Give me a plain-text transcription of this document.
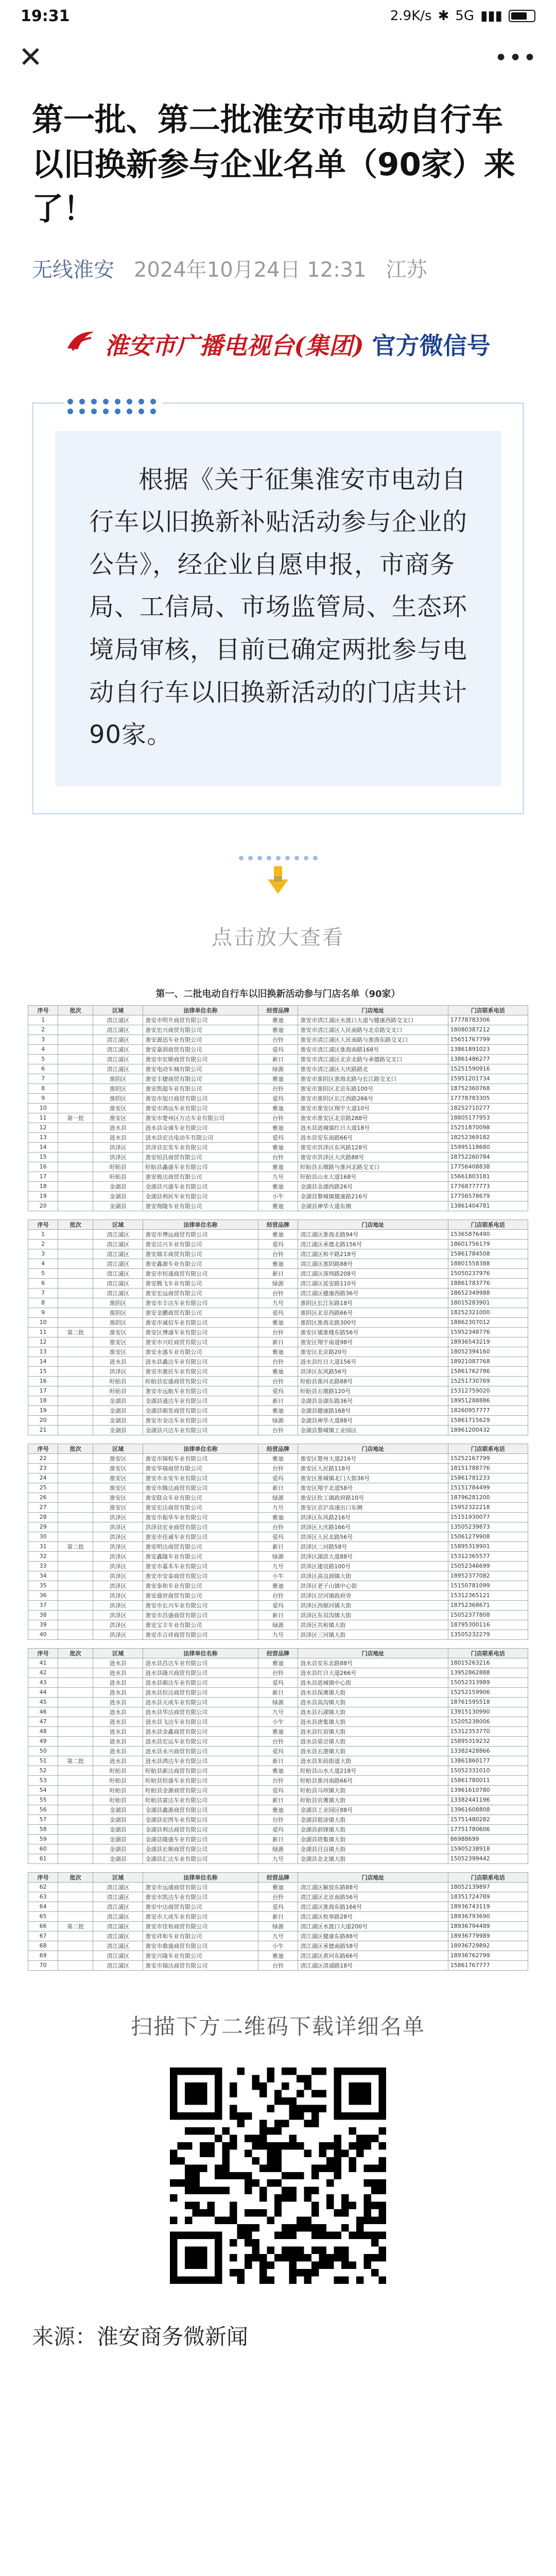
19:31	2.9K/s ✱ 5G ▮▮▮
✕	•••
第一批、第二批淮安市电动自行车以旧换新参与企业名单（90家）来了！
无线淮安 2024年10月24日 12:31 江苏
淮安市广播电视台(集团) 官方微信号

根据《关于征集淮安市电动自行车以旧换新补贴活动参与企业的公告》，经企业自愿申报，市商务局、工信局、市场监管局、生态环境局审核，目前已确定两批参与电动自行车以旧换新活动的门店共计90家。

点击放大查看
第一、二批电动自行车以旧换新活动参与门店名单（90家）
序号	批次	区域	法律单位名称	经营品牌	门店地址	门店联系电话
1		清江浦区	淮安市明升商贸有限公司	雅迪	淮安市清江浦区水渡口大道与健康西路交叉口	17778783306
2		清江浦区	淮安宏兴商贸有限公司	雅迪	淮安市清江浦区人民南路与北京路交叉口	18080387212
3		清江浦区	淮安源迅车业有限公司	台铃	淮安市清江浦区人民南路与淮海东路交叉口	15651767799
4		清江浦区	淮安嘉润商贸有限公司	爱玛	淮安市清江浦区淮海南路168号	13861891023
5		清江浦区	淮安市宏顺商贸有限公司	新日	淮安市清江浦区北京北路与承德路交叉口	13861486277
6		清江浦区	淮安电动车城有限公司	绿源	淮安市清江浦区大庆路路北	15251590916
7		淮阴区	淮安丰捷商贸有限公司	雅迪	淮安市淮阴区淮海北路与长江路交叉口	15951201734
8		淮阴区	淮安凯超车业有限公司	台铃	淮安市淮阴区北京东路100号	18752360768
9		淮阴区	淮安市旭日商贸有限公司	爱玛	淮安市淮阴区长江西路266号	17778783305
10		淮安区	淮安市鸿远车业有限公司	雅迪	淮安市淮安区翔宇大道10号	18252710277
11	第一批	淮安区	淮安市楚州区万达车业有限公司	台铃	淮安市淮安区北京路288号	18805177953
12		涟水县	涟水县众诚车业有限公司	雅迪	涟水县涟城镇红日大道18号	15251870098
13		涟水县	涟水县宏达电动车有限公司	爱玛	涟水县安东南路66号	18252369182
14		洪泽区	洪泽县宏发车业有限公司	雅迪	淮安市洪泽区东风路128号	15995118680
15		洪泽区	淮安恒昌商贸有限公司	台铃	淮安市洪泽区大庆路88号	18752260784
16		盱眙县	盱眙县鑫盛车业有限公司	雅迪	盱眙县五墩路与淮河北路交叉口	17756408838
17		盱眙县	淮安骏达商贸有限公司	九号	盱眙县山水大道168号	15661803181
18		金湖县	金湖县兴盛车业有限公司	雅迪	金湖县金湖西路26号	17768777773
19		金湖县	金湖县利民车业有限公司	小牛	金湖县黎城镇健康路216号	17756578679
20		金湖县	淮安翔隆车业有限公司	雅迪	金湖县神华大道东侧	13861404781
序号	批次	区域	法律单位名称	经营品牌	门店地址	门店联系电话
1		清江浦区	淮安市博远商贸有限公司	雅迪	清江浦区淮海北路94号	15365876490
2		清江浦区	淮安达兴车业有限公司	爱玛	清江浦区承德北路156号	18601756179
3		清江浦区	淮安瑞丰商贸有限公司	台铃	清江浦区和平路218号	15861784508
4		清江浦区	淮安鑫源车业有限公司	雅迪	清江浦区淮阴路88号	18801558388
5		清江浦区	淮安市恒通商贸有限公司	新日	清江浦区深圳路208号	15050237976
6		清江浦区	淮安腾飞车业有限公司	绿源	清江浦区延安路110号	18861783776
7		清江浦区	淮安宏远商贸有限公司	台铃	清江浦区健康西路36号	18652349988
8		淮阴区	淮安市丰达车业有限公司	九号	淮阴区长江东路18号	18015283901
9		淮阴区	淮安金鹏商贸有限公司	爱玛	淮阴区北京西路66号	18252321000
10		淮阴区	淮安市诚信车业有限公司	雅迪	淮阴区淮海北路300号	18862307012
11	第二批	淮安区	淮安区博通车业有限公司	台铃	淮安区镇淮楼东路56号	15952348776
12		淮安区	淮安市兴旺商贸有限公司	新日	淮安区翔宇南道98号	18936543219
13		淮安区	淮安永盛车业有限公司	雅迪	淮安区北京路20号	18052394160
14		涟水县	涟水县鑫达车业有限公司	台铃	涟水县红日大道156号	18921087768
15		洪泽区	淮安市惠民车业有限公司	雅迪	洪泽区东风路56号	15861762786
16		盱眙县	盱眙县宏盛商贸有限公司	台铃	盱眙县淮河北路88号	15251730769
17		盱眙县	淮安市远航车业有限公司	爱玛	盱眙县五墩路120号	15312759020
18		金湖县	金湖县通达车业有限公司	新日	金湖县金湖东路36号	18951288886
19		金湖县	金湖县顺发商贸有限公司	雅迪	金湖县健康路168号	18260957777
20		金湖县	淮安市金达车业有限公司	绿源	金湖县神华大道88号	15861715629
21		金湖县	金湖县兴达车业有限公司	台铃	金湖县黎城镇工业园区	18961200432
序号	批次	区域	法律单位名称	经营品牌	门店地址	门店联系电话
22		淮安区	淮安市锦程车业有限公司	雅迪	淮安区楚州大道216号	15252167799
23		淮安区	淮安华瑞商贸有限公司	台铃	淮安区人民路118号	18151788776
24		淮安区	淮安市永安车业有限公司	爱玛	淮安区淮城镇北门大街36号	15861781233
25		淮安区	淮安市腾达商贸有限公司	新日	淮安区翔宇北道58号	15151784499
26		淮安区	淮安联众车业有限公司	绿源	淮安区钦工镇政府路10号	18796281200
27		淮安区	淮安宏达商贸有限公司	九号	淮安区京沪高速出口东侧	15952322218
28		洪泽区	淮安市振华车业有限公司	雅迪	洪泽区东风路216号	15151930077
29		洪泽区	洪泽县宏业商贸有限公司	台铃	洪泽区大庆路166号	13505239873
30		洪泽区	淮安市佳诚车业有限公司	爱玛	洪泽区人民北路56号	15061279908
31	第二批	洪泽区	淮安明达商贸有限公司	新日	洪泽区二河路58号	15895319901
32		洪泽区	淮安鑫隆车业有限公司	绿源	洪泽区湖滨大道88号	15312365577
33		洪泽区	淮安市嘉禾车业有限公司	九号	洪泽区建设路100号	15052346699
34		洪泽区	淮安市安泰商贸有限公司	小牛	洪泽区高良涧镇大街	18952377082
35		洪泽区	淮安泰和车业有限公司	雅迪	洪泽区老子山镇中心街	15150781099
36		洪泽区	淮安盛世商贸有限公司	台铃	洪泽区岔河镇政府旁	15312365121
37		洪泽区	淮安市长兴车业有限公司	爱玛	洪泽区西顺河镇大街	18752368671
38		洪泽区	淮安市昌盛商贸有限公司	新日	洪泽区东双沟镇大街	15052377808
39		洪泽区	淮安宝丰车业有限公司	绿源	洪泽区共和镇大街	18795300116
40		洪泽区	淮安市吉祥商贸有限公司	九号	洪泽区三河镇大街	13505232279
序号	批次	区域	法律单位名称	经营品牌	门店地址	门店联系电话
41		涟水县	涟水县昌达车业有限公司	雅迪	涟水县安东北路88号	18015263216
42		涟水县	涟水县隆兴商贸有限公司	台铃	涟水县红日大道266号	13952862888
43		涟水县	涟水县顺达车业有限公司	爱玛	涟水县涟城镇中心街	15052313989
44		涟水县	涟水县恒达商贸有限公司	新日	涟水县保滩镇大街	15252159906
45		涟水县	涟水县天成车业有限公司	绿源	涟水县高沟镇大街	18761595518
46		涟水县	涟水县华达商贸有限公司	九号	涟水县石湖镇大街	13915130990
47		涟水县	涟水县飞达车业有限公司	小牛	涟水县唐集镇大街	15205238006
48		涟水县	涟水县金鑫商贸有限公司	雅迪	涟水县红窑镇大街	15312353770
49		涟水县	涟水县宏运车业有限公司	台铃	涟水县梁岔镇大街	15895319232
50		涟水县	涟水县永兴商贸有限公司	爱玛	涟水县五港镇大街	13382428866
51	第二批	涟水县	涟水县鸿达车业有限公司	新日	涟水县朱码街道大街	13861860177
52		盱眙县	盱眙县新达商贸有限公司	雅迪	盱眙县山水大道218号	15052331010
53		盱眙县	盱眙县恒盛车业有限公司	台铃	盱眙县淮河南路66号	15861780011
54		盱眙县	盱眙县金源商贸有限公司	爱玛	盱眙县马坝镇大街	13961610780
55		盱眙县	盱眙县富达车业有限公司	新日	盱眙县官滩镇大街	13382441196
56		金湖县	金湖县鑫源商贸有限公司	雅迪	金湖县工业园区88号	13961608808
57		金湖县	金湖县宏图车业有限公司	台铃	金湖县银涂镇大街	15751480282
58		金湖县	金湖县利达商贸有限公司	爱玛	金湖县前锋镇大街	17751780606
59		金湖县	金湖县隆盛车业有限公司	新日	金湖县塔集镇大街	86988699
60		金湖县	金湖县长顺商贸有限公司	绿源	金湖县吕良镇大街	15905238918
61		金湖县	金湖县汇达车业有限公司	九号	金湖县金北镇大街	15052399442
序号	批次	区域	法律单位名称	经营品牌	门店地址	门店联系电话
62		清江浦区	淮安市远通商贸有限公司	雅迪	清江浦区解放东路88号	18052139897
63		清江浦区	淮安市凯达车业有限公司	台铃	清江浦区北京南路56号	18351724789
64		清江浦区	淮安中达商贸有限公司	爱玛	清江浦区淮海东路166号	18936743119
65		清江浦区	淮安市大成车业有限公司	新日	清江浦区枚皋路28号	18936793690
66	第二批	清江浦区	淮安市佳和商贸有限公司	绿源	清江浦区水渡口大道200号	18936794489
67		清江浦区	淮安祥和车业有限公司	九号	清江浦区健康东路88号	18936779989
68		清江浦区	淮安市鼎盛商贸有限公司	小牛	清江浦区承德南路58号	18936729892
69		清江浦区	淮安兴隆车业有限公司	雅迪	清江浦区黄河东路66号	18936762799
70		清江浦区	淮安市瑞达商贸有限公司	台铃	清江浦区清浦路18号	15861767777
扫描下方二维码下载详细名单
来源：淮安商务微新闻
